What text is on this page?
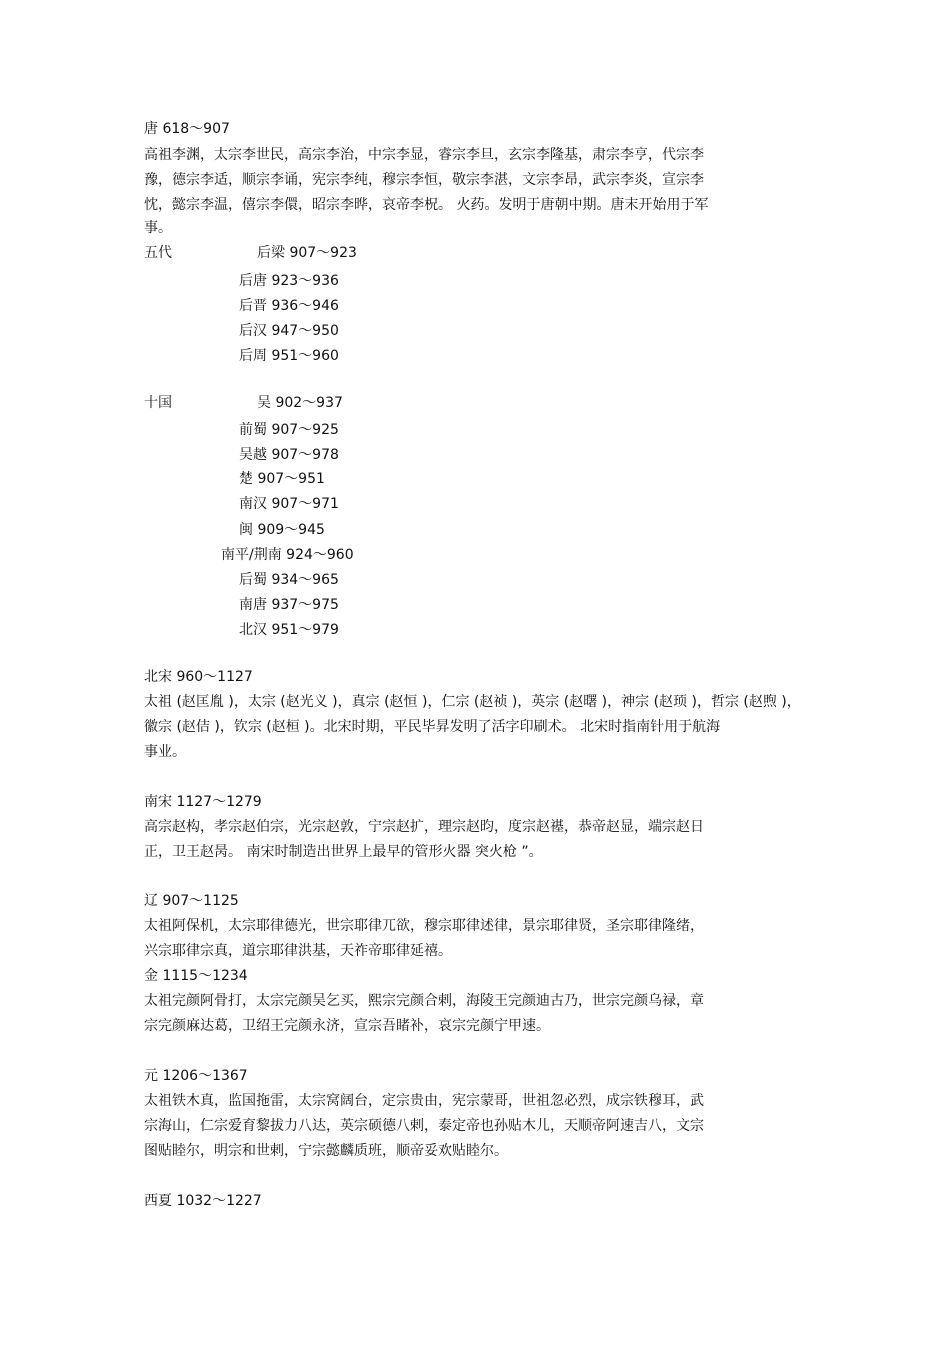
唐 618～907
高祖李渊，太宗李世民，高宗李治，中宗李显，睿宗李旦，玄宗李隆基，肃宗李亨，代宗李
豫，德宗李适，顺宗李诵，宪宗李纯，穆宗李恒，敬宗李湛，文宗李昂，武宗李炎，宣宗李
忱，懿宗李温，僖宗李儇，昭宗李晔，哀帝李柷。 火药。发明于唐朝中期。唐末开始用于军
事。
五代	后梁 907～923
后唐 923～936
后晋 936～946
后汉 947～950
后周 951～960
十国	吴 902～937
前蜀 907～925
吴越 907～978
楚 907～951
南汉 907～971
闽 909～945
南平/荆南 924～960
后蜀 934～965
南唐 937～975
北汉 951～979
北宋 960～1127
太祖 (赵匡胤 )，太宗 (赵光义 )，真宗 (赵恒 )，仁宗 (赵祯 )，英宗 (赵曙 )，神宗 (赵顼 )，哲宗 (赵煦 )，
徽宗 (赵佶 )，钦宗 (赵桓 )。北宋时期，平民毕昇发明了活字印刷术。 北宋时指南针用于航海
事业。
南宋 1127～1279
高宗赵构，孝宗赵伯宗，光宗赵敦，宁宗赵扩，理宗赵昀，度宗赵禥，恭帝赵显，端宗赵日
正，卫王赵昺。 南宋时制造出世界上最早的管形火器 突火枪 ”。
辽 907～1125
太祖阿保机，太宗耶律德光，世宗耶律兀欲，穆宗耶律述律，景宗耶律贤，圣宗耶律隆绪，
兴宗耶律宗真，道宗耶律洪基，天祚帝耶律延禧。
金 1115～1234
太祖完颜阿骨打，太宗完颜吴乞买，熙宗完颜合剌，海陵王完颜迪古乃，世宗完颜乌禄，章
宗完颜麻达葛，卫绍王完颜永济，宣宗吾睹补，哀宗完颜宁甲速。
元 1206～1367
太祖铁木真，监国拖雷，太宗窝阔台，定宗贵由，宪宗蒙哥，世祖忽必烈，成宗铁穆耳，武
宗海山，仁宗爱育黎拔力八达，英宗硕德八剌，泰定帝也孙贴木儿，天顺帝阿速吉八，文宗
图贴睦尔，明宗和世剌，宁宗懿麟质班，顺帝妥欢贴睦尔。
西夏 1032～1227
